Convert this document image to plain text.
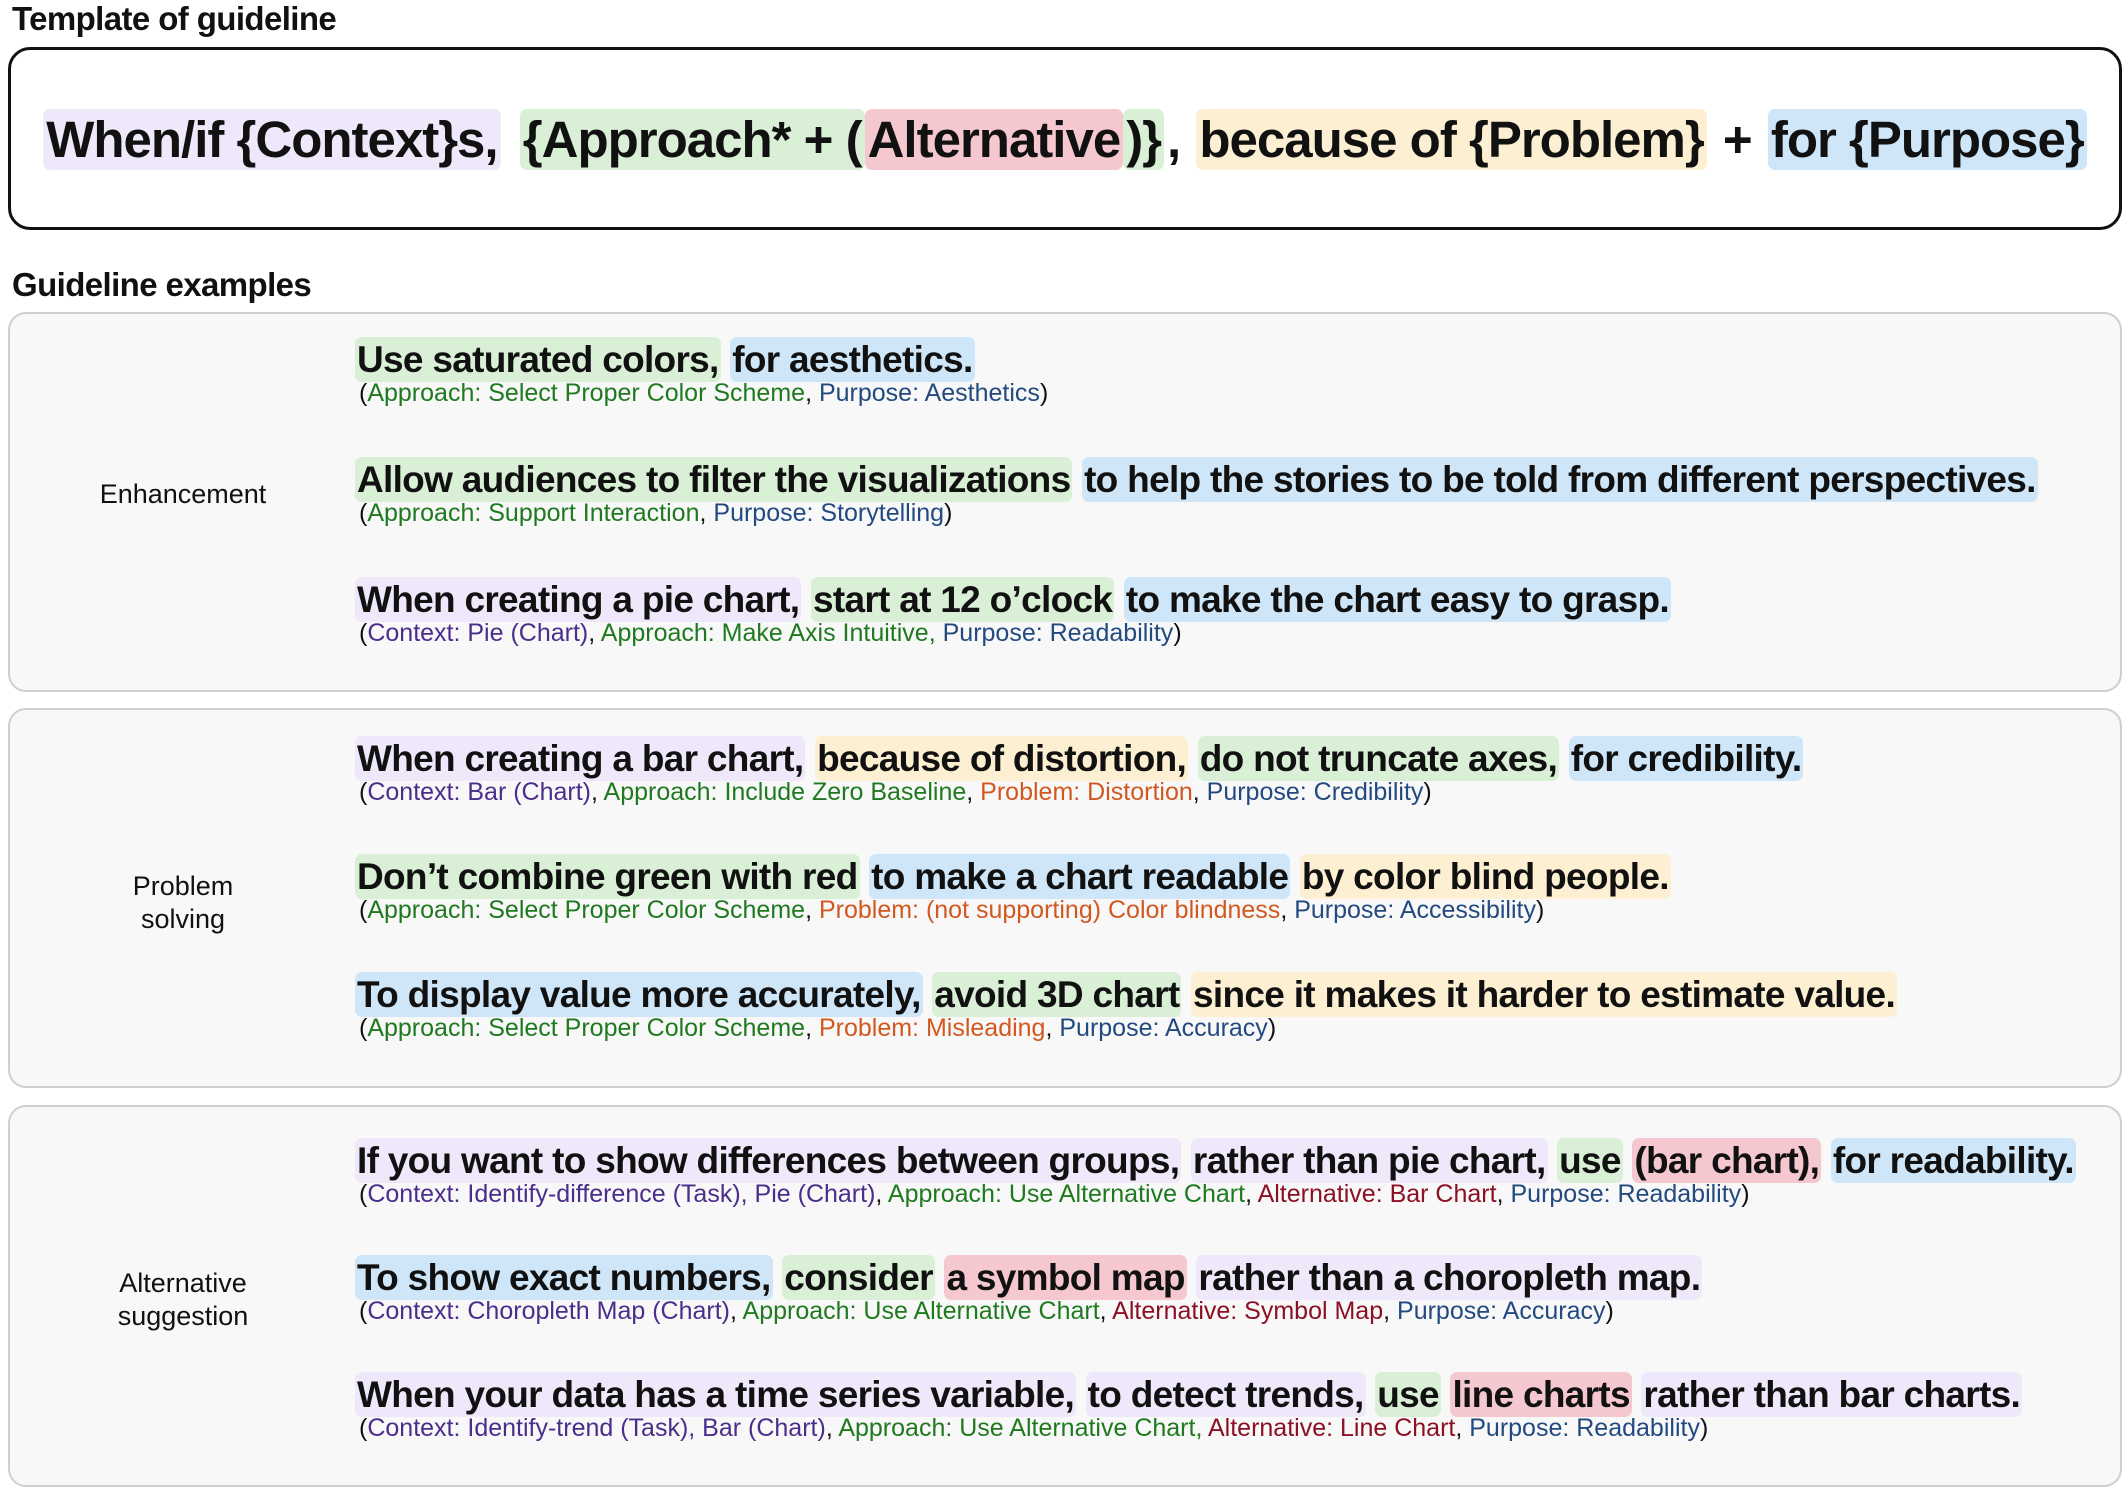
Template of guideline
When/if {Context}s, {Approach* + ( Alternative )} , because of {Problem} + for {Purpose}
Guideline examples
Enhancement
Use saturated colors, for aesthetics.
(Approach: Select Proper Color Scheme, Purpose: Aesthetics)
Allow audiences to filter the visualizations to help the stories to be told from different perspectives.
(Approach: Support Interaction, Purpose: Storytelling)
When creating a pie chart, start at 12 o’clock to make the chart easy to grasp.
(Context: Pie (Chart), Approach: Make Axis Intuitive, Purpose: Readability)
Problem
solving
When creating a bar chart, because of distortion, do not truncate axes, for credibility.
(Context: Bar (Chart), Approach: Include Zero Baseline, Problem: Distortion, Purpose: Credibility)
Don’t combine green with red to make a chart readable by color blind people.
(Approach: Select Proper Color Scheme, Problem: (not supporting) Color blindness, Purpose: Accessibility)
To display value more accurately, avoid 3D chart since it makes it harder to estimate value.
(Approach: Select Proper Color Scheme, Problem: Misleading, Purpose: Accuracy)
Alternative
suggestion
If you want to show differences between groups, rather than pie chart, use (bar chart), for readability.
(Context: Identify-difference (Task), Pie (Chart), Approach: Use Alternative Chart, Alternative: Bar Chart, Purpose: Readability)
To show exact numbers, consider a symbol map rather than a choropleth map.
(Context: Choropleth Map (Chart), Approach: Use Alternative Chart, Alternative: Symbol Map, Purpose: Accuracy)
When your data has a time series variable, to detect trends, use line charts rather than bar charts.
(Context: Identify-trend (Task), Bar (Chart), Approach: Use Alternative Chart, Alternative: Line Chart, Purpose: Readability)
